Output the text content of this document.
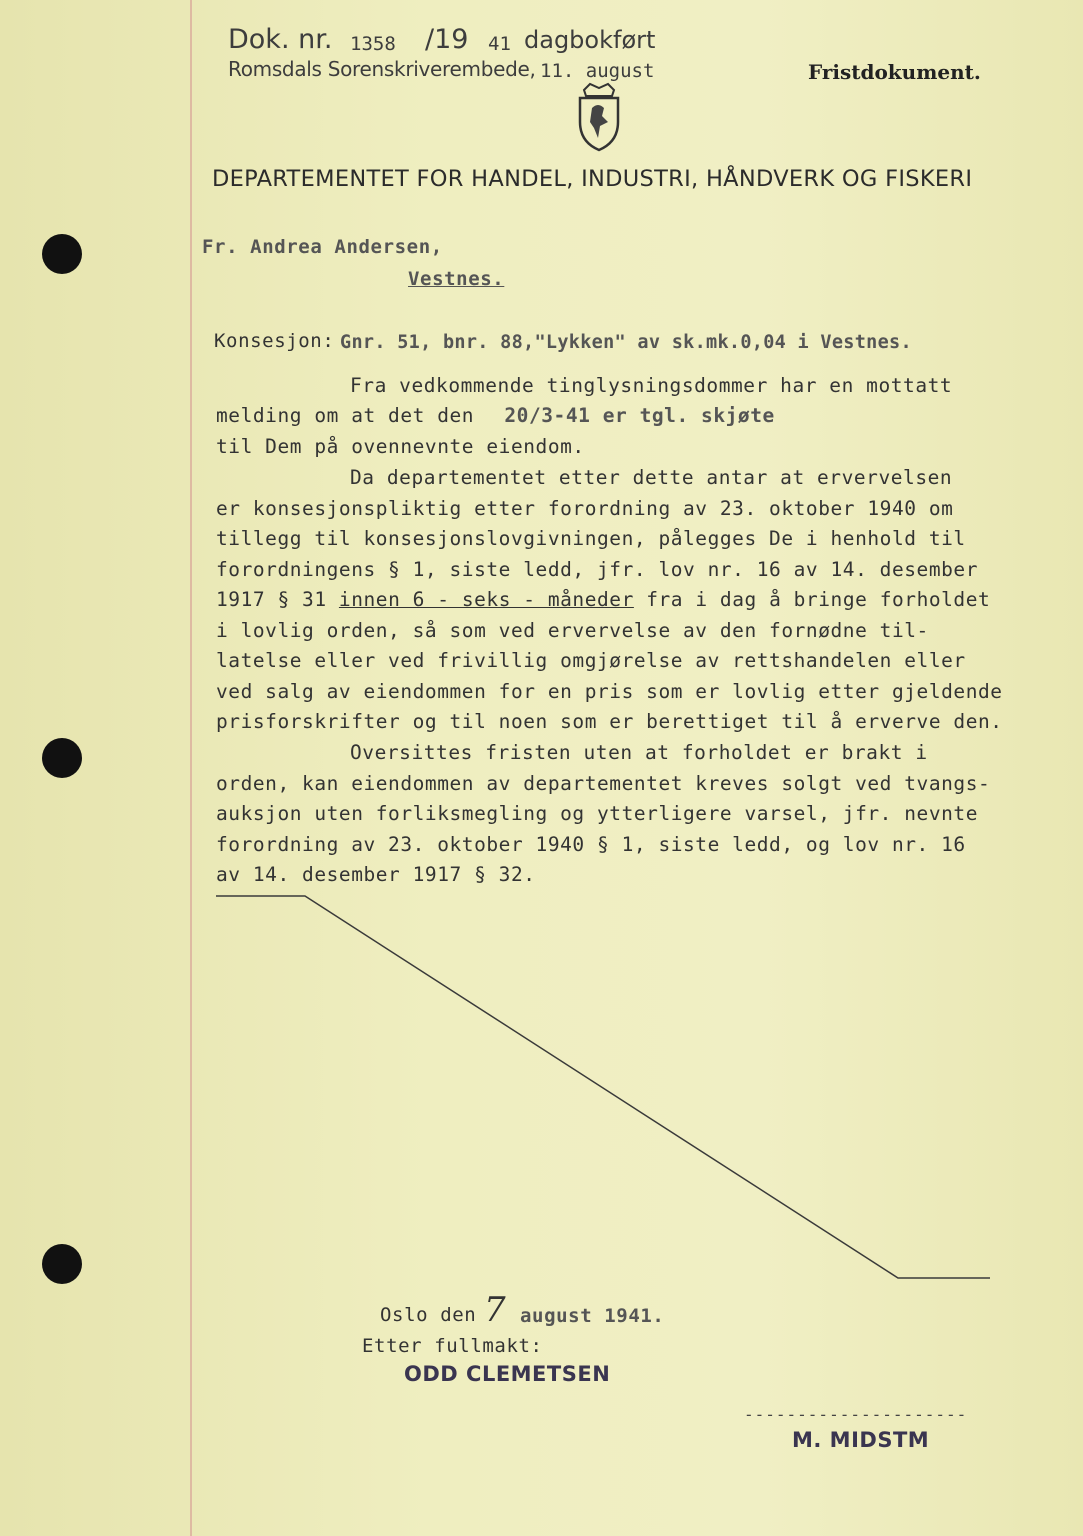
Dok. nr. 1358 /19 41 dagbokført
Romsdals Sorenskriverembede, 11. august	Fristdokument.
DEPARTEMENTET FOR HANDEL, INDUSTRI, HÅNDVERK OG FISKERI
Fr. Andrea Andersen,
Vestnes.
Konsesjon: Gnr. 51, bnr. 88,"Lykken" av sk.mk.0,04 i Vestnes.
Fra vedkommende tinglysningsdommer har en mottatt
melding om at det den 20/3-41 er tgl. skjøte
til Dem på ovennevnte eiendom.
Da departementet etter dette antar at ervervelsen
er konsesjonspliktig etter forordning av 23. oktober 1940 om
tillegg til konsesjonslovgivningen, pålegges De i henhold til
forordningens § 1, siste ledd, jfr. lov nr. 16 av 14. desember
1917 § 31 innen 6 - seks - måneder fra i dag å bringe forholdet
i lovlig orden, så som ved ervervelse av den fornødne til-
latelse eller ved frivillig omgjørelse av rettshandelen eller
ved salg av eiendommen for en pris som er lovlig etter gjeldende
prisforskrifter og til noen som er berettiget til å erverve den.
Oversittes fristen uten at forholdet er brakt i
orden, kan eiendommen av departementet kreves solgt ved tvangs-
auksjon uten forliksmegling og ytterligere varsel, jfr. nevnte
forordning av 23. oktober 1940 § 1, siste ledd, og lov nr. 16
av 14. desember 1917 § 32.
Oslo den 7 august 1941.
Etter fullmakt:
ODD CLEMETSEN
---------------------
M. MIDSTM
